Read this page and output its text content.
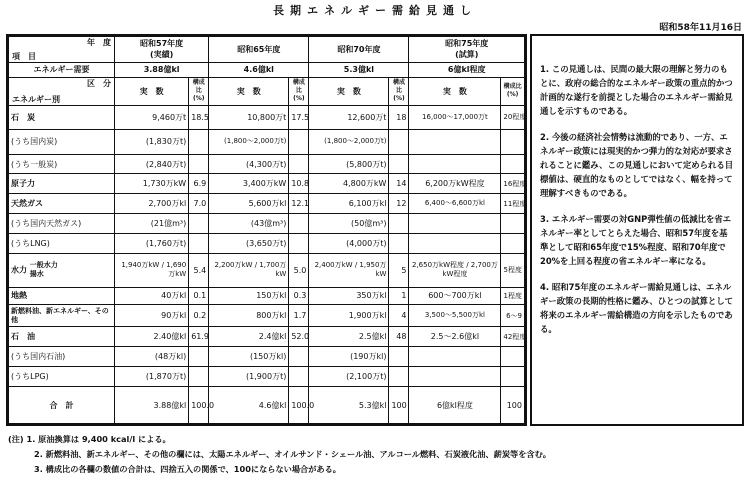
長期エネルギー需給見通し
昭和58年11月16日
年　度
項　目	昭和57年度
(実績)		昭和65年度		昭和70年度		昭和75年度
(試算)	
エネルギー需要	3.88億kl		4.6億kl		5.3億kl		6億kl程度	

区　分
エネルギー別	実　数	構成比(%)	実　数	構成比(%)	実　数	構成比(%)	実　数	構成比(%)
石　炭	9,460万t	18.5	10,800万t	17.5	12,600万t	18	16,000〜17,000万t	20程度
(うち国内炭)	(1,830万t)		(1,800〜2,000万t)		(1,800〜2,000万t)			
(うち一般炭)	(2,840万t)		(4,300万t)		(5,800万t)			
原子力	1,730万kW	6.9	3,400万kW	10.8	4,800万kW	14	6,200万kW程度	16程度
天然ガス	2,700万kl	7.0	5,600万kl	12.1	6,100万kl	12	6,400〜6,600万kl	11程度
(うち国内天然ガス)	(21億m³)		(43億m³)		(50億m³)			
(うちLNG)	(1,760万t)		(3,650万t)		(4,000万t)			
水力 一般水力
揚水	1,940万kW / 1,690万kW	5.4	2,200万kW / 1,700万kW	5.0	2,400万kW / 1,950万kW	5	2,650万kW程度 / 2,700万kW程度	5程度
地熱	40万kl	0.1	150万kl	0.3	350万kl	1	600〜700万kl	1程度
新燃料油、新エネルギー、その他	90万kl	0.2	800万kl	1.7	1,900万kl	4	3,500〜5,500万kl	6〜9
石　油	2.40億kl	61.9	2.4億kl	52.0	2.5億kl	48	2.5〜2.6億kl	42程度
(うち国内石油)	(48万kl)		(150万kl)		(190万kl)			
(うちLPG)	(1,870万t)		(1,900万t)		(2,100万t)			
合　計	3.88億kl	100.0	4.6億kl	100.0	5.3億kl	100	6億kl程度	100

1. この見通しは、民間の最大限の理解と努力のもとに、政府の総合的なエネルギー政策の重点的かつ計画的な遂行を前提とした場合のエネルギー需給見通しを示すものである。

2. 今後の経済社会情勢は流動的であり、一方、エネルギー政策には現実的かつ弾力的な対応が要求されることに鑑み、この見通しにおいて定められる目標値は、硬直的なものとしてではなく、幅を持って理解すべきものである。

3. エネルギー需要の対GNP弾性値の低減比を省エネルギー率としてとらえた場合、昭和57年度を基準として昭和65年度で15%程度、昭和70年度で20%を上回る程度の省エネルギー率になる。

4. 昭和75年度のエネルギー需給見通しは、エネルギー政策の長期的性格に鑑み、ひとつの試算として将来のエネルギー需給構造の方向を示したものである。

(注) 1. 原油換算は 9,400 kcal/l による。
2. 新燃料油、新エネルギー、その他の欄には、太陽エネルギー、オイルサンド・シェール油、アルコール燃料、石炭液化油、薪炭等を含む。
3. 構成比の各欄の数値の合計は、四捨五入の関係で、100にならない場合がある。
